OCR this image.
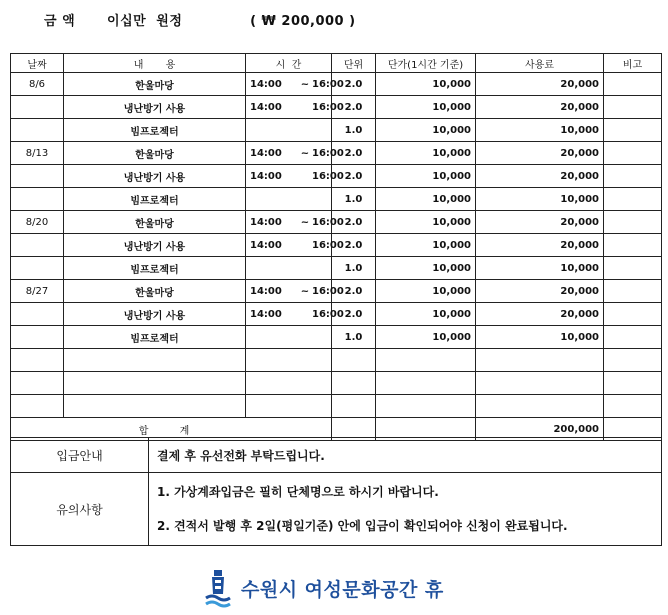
금 액 이십만  원정	( ₩ 200,000 )
날짜	내       용	시  간	단위	단가(1시간 기준)	사용료	비고
8/6	한울마당	14:00 ~ 16:00	2.0	10,000	20,000	
	냉난방기 사용	14:00 16:00	2.0	10,000	20,000	
	빔프로젝터		1.0	10,000	10,000	
8/13	한울마당	14:00 ~ 16:00	2.0	10,000	20,000	
	냉난방기 사용	14:00 16:00	2.0	10,000	20,000	
	빔프로젝터		1.0	10,000	10,000	
8/20	한울마당	14:00 ~ 16:00	2.0	10,000	20,000	
	냉난방기 사용	14:00 16:00	2.0	10,000	20,000	
	빔프로젝터		1.0	10,000	10,000	
8/27	한울마당	14:00 ~ 16:00	2.0	10,000	20,000	
	냉난방기 사용	14:00 16:00	2.0	10,000	20,000	
	빔프로젝터		1.0	10,000	10,000	

합 계					200,000	
입금안내	결제 후 유선전화 부탁드립니다.
유의사항	1. 가상계좌입금은 필히 단체명으로 하시기 바랍니다.
2. 견적서 발행 후 2일(평일기준) 안에 입금이 확인되어야 신청이 완료됩니다.
수원시 여성문화공간 휴
